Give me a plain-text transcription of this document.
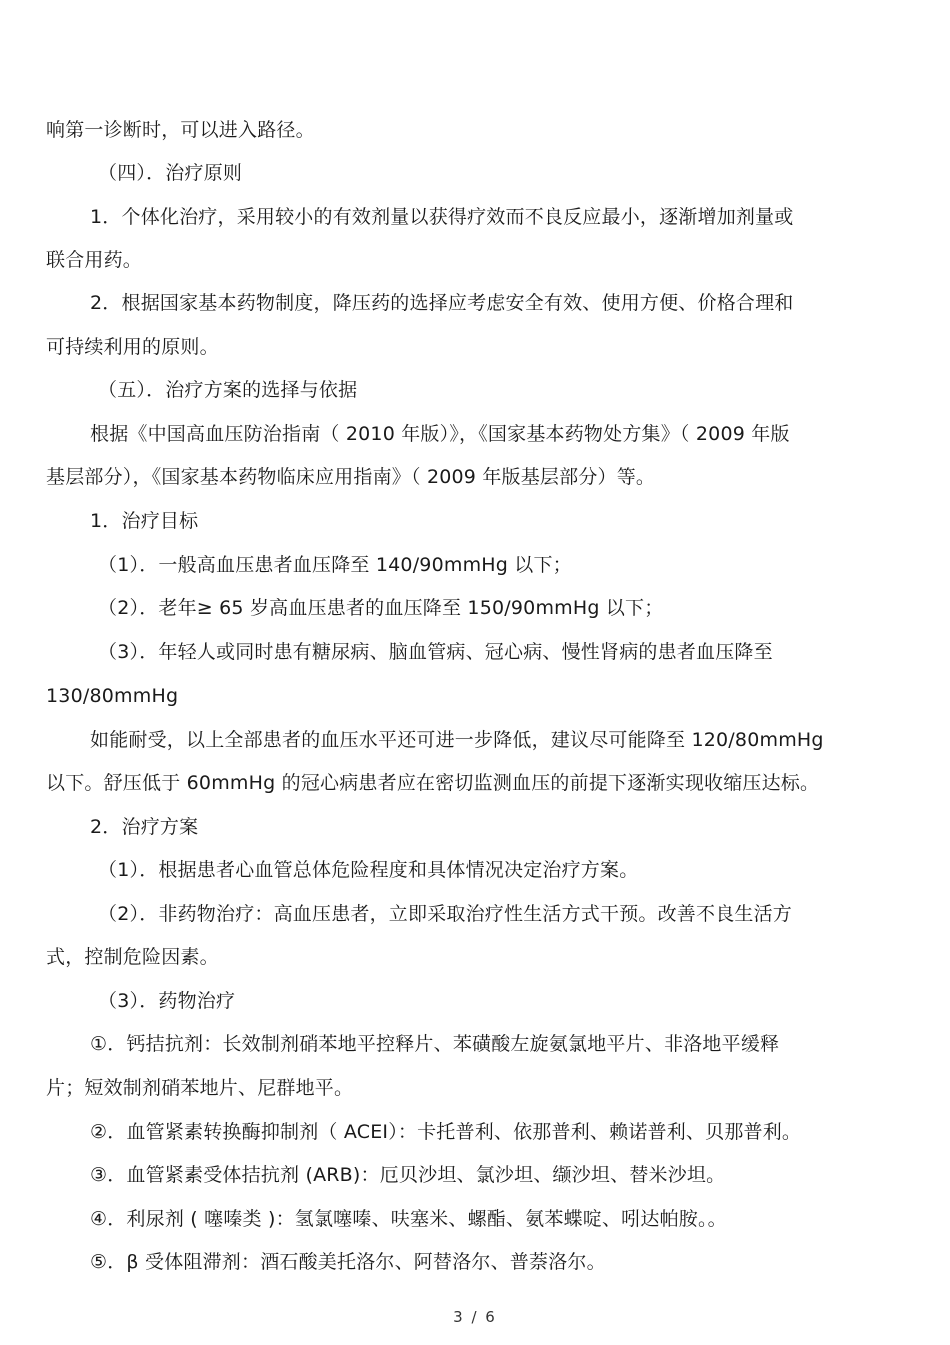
响第一诊断时，可以进入路径。
（四）．治疗原则
1．个体化治疗，采用较小的有效剂量以获得疗效而不良反应最小，逐渐增加剂量或
联合用药。
2．根据国家基本药物制度，降压药的选择应考虑安全有效、使用方便、价格合理和
可持续利用的原则。
（五）．治疗方案的选择与依据
根据《中国高血压防治指南（ 2010 年版）》，《国家基本药物处方集》（ 2009 年版
基层部分），《国家基本药物临床应用指南》（ 2009 年版基层部分）等。
1．治疗目标
（1）．一般高血压患者血压降至 140/90mmHg 以下；
（2）．老年≥ 65 岁高血压患者的血压降至 150/90mmHg 以下；
（3）．年轻人或同时患有糖尿病、脑血管病、冠心病、慢性肾病的患者血压降至
130/80mmHg
如能耐受，以上全部患者的血压水平还可进一步降低，建议尽可能降至 120/80mmHg
以下。舒压低于 60mmHg 的冠心病患者应在密切监测血压的前提下逐渐实现收缩压达标。
2．治疗方案
（1）．根据患者心血管总体危险程度和具体情况决定治疗方案。
（2）．非药物治疗：高血压患者，立即采取治疗性生活方式干预。改善不良生活方
式，控制危险因素。
（3）．药物治疗
①．钙拮抗剂：长效制剂硝苯地平控释片、苯磺酸左旋氨氯地平片、非洛地平缓释
片；短效制剂硝苯地片、尼群地平。
②．血管紧素转换酶抑制剂（ ACEI）：卡托普利、依那普利、赖诺普利、贝那普利。
③．血管紧素受体拮抗剂 (ARB)：厄贝沙坦、氯沙坦、缬沙坦、替米沙坦。
④．利尿剂 ( 噻嗪类 )：氢氯噻嗪、呋塞米、螺酯、氨苯蝶啶、吲达帕胺。。
⑤．β 受体阻滞剂：酒石酸美托洛尔、阿替洛尔、普萘洛尔。
3 / 6
